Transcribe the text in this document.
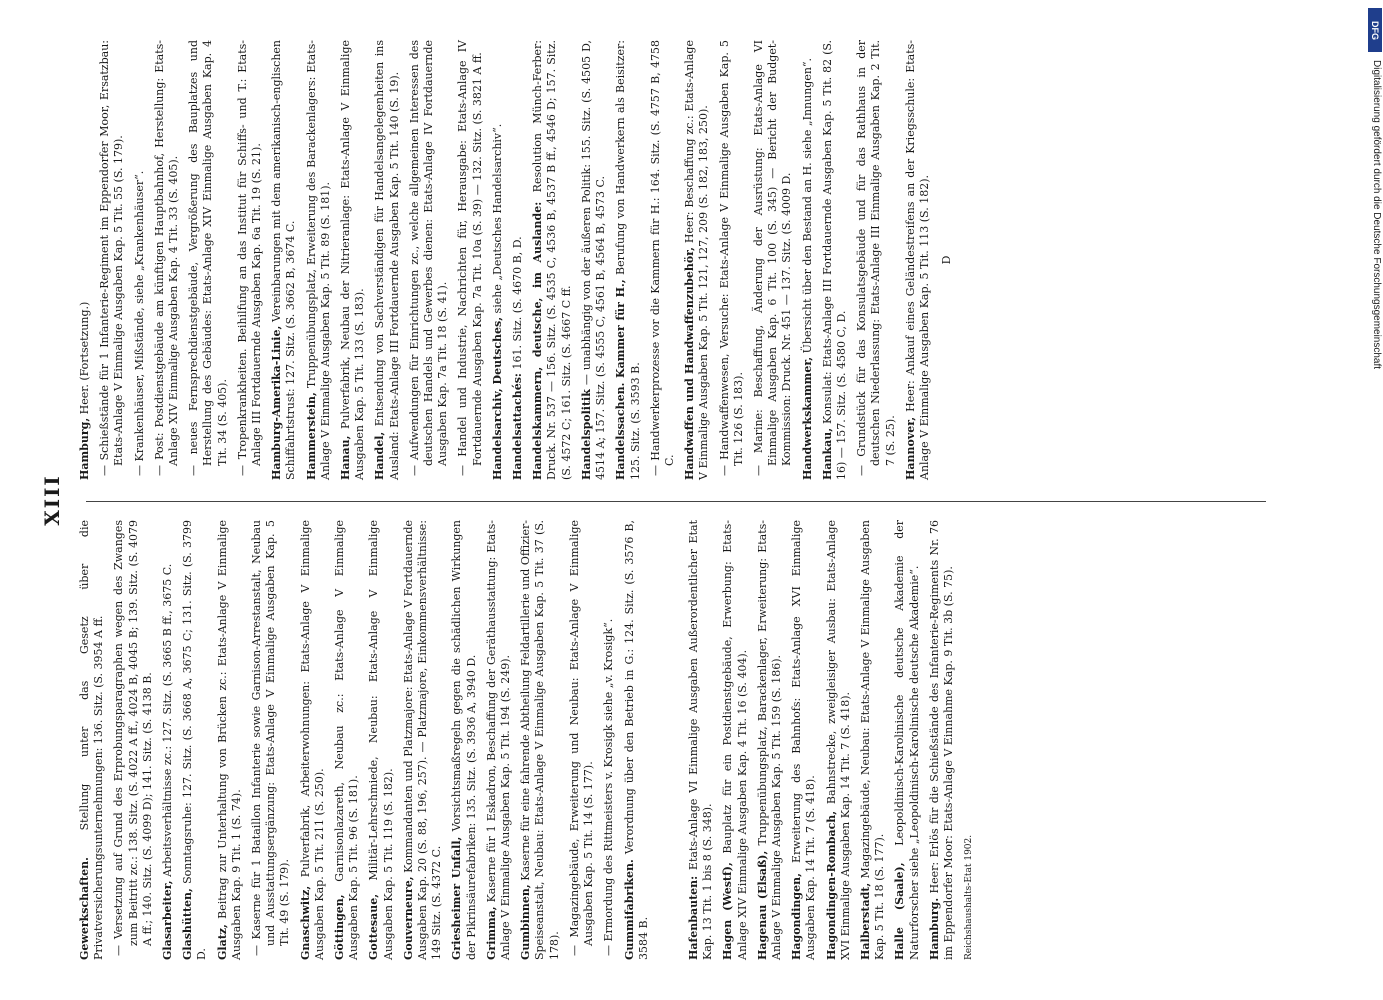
XIII
Gewerkschaften. Stellung unter das Gesetz über die Privatversicherungsunternehmungen: 136. Sitz. (S. 3954 A ff. — Versetzung auf Grund des Erprobungsparagraphen wegen des Zwanges zum Beitritt zc.: 138. Sitz. (S. 4022 A ff., 4024 B, 4045 B; 139. Sitz. (S. 4079 A ff.; 140. Sitz. (S. 4099 D); 141. Sitz. (S. 4138 B. Glasarbeiter, Arbeitsverhältnisse zc.: 127. Sitz. (S. 3665 B ff., 3675 C.
Glashütten, Sonntagsruhe: 127. Sitz. (S. 3668 A, 3675 C; 131. Sitz. (S. 3799 D. Glatz, Beitrag zur Unterhaltung von Brücken zc.: Etats-Anlage V Einmalige Ausgaben Kap. 9 Tit. 1 (S. 74). — Kaserne für 1 Bataillon Infanterie sowie Garnison-Arrestanstalt, Neubau und Ausstattungsergänzung: Etats-Anlage V Einmalige Ausgaben Kap. 5 Tit. 49 (S. 179). Gnaschwitz, Pulverfabrik, Arbeiterwohnungen: Etats-Anlage V Einmalige Ausgaben Kap. 5 Tit. 211 (S. 250). Göttingen, Garnisonlazareth, Neubau zc.: Etats-Anlage V Einmalige Ausgaben Kap. 5 Tit. 96 (S. 181). Gottesaue, Militär-Lehrschmiede, Neubau: Etats-Anlage V Einmalige Ausgaben Kap. 5 Tit. 119 (S. 182). Gouverneure, Kommandanten und Platzmajore: Etats-Anlage V Fortdauernde Ausgaben Kap. 20 (S. 88, 196, 257). — Platzmajore, Einkommensverhältnisse: 149 Sitz. (S. 4372 C. Griesheimer Unfall, Vorsichtsmaßregeln gegen die schädlichen Wirkungen der Pikrinsäurefabriken: 135. Sitz. (S. 3936 A, 3940 D. Grimma, Kaserne für 1 Eskadron, Beschaffung der Geräthausstattung: Etats-Anlage V Einmalige Ausgaben Kap. 5 Tit. 194 (S. 249). Gumbinnen, Kaserne für eine fahrende Abtheilung Feldartillerie und Offizier-Speiseanstalt, Neubau: Etats-Anlage V Einmalige Ausgaben Kap. 5 Tit. 37 (S. 178).
— Magazingebäude, Erweiterung und Neubau: Etats-Anlage V Einmalige Ausgaben Kap. 5 Tit. 14 (S. 177). — Ermordung des Rittmeisters v. Krosigk siehe „v. Krosigk“. Gummifabriken. Verordnung über den Betrieb in G.: 124. Sitz. (S. 3576 B, 3584 B.	Hafenbauten: Etats-Anlage VI Einmalige Ausgaben Außerordentlicher Etat Kap. 13 Tit. 1 bis 8 (S. 348). Hagen (Westf), Bauplatz für ein Postdienstgebäude, Erwerbung: Etats-Anlage XIV Einmalige Ausgaben Kap. 4 Tit. 16 (S. 404). Hagenau (Elsaß), Truppenübungsplatz, Barackenlager, Erweiterung: Etats-Anlage V Einmalige Ausgaben Kap. 5 Tit. 159 (S. 186). Hagondingen, Erweiterung des Bahnhofs: Etats-Anlage XVI Einmalige Ausgaben Kap. 14 Tit. 7 (S. 418). Hagondingen-Rombach, Bahnstrecke, zweigleisiger Ausbau: Etats-Anlage XVI Einmalige Ausgaben Kap. 14 Tit. 7 (S. 418). Halberstadt, Magazingebäude, Neubau: Etats-Anlage V Einmalige Ausgaben Kap. 5 Tit. 18 (S. 177). Halle (Saale), Leopoldinisch-Karolinische deutsche Akademie der Naturforscher siehe „Leopoldinisch-Karolinische deutsche Akademie“. Hamburg. Heer: Erlös für die Schießstände des Infanterie-Regiments Nr. 76 im Eppendorfer Moor: Etats-Anlage V Einnahme Kap. 9 Tit. 3b (S. 75). Reichshaushalts-Etat 1902.
Hamburg, Heer. (Fortsetzung.) — Schießstände für 1 Infanterie-Regiment im Eppendorfer Moor, Ersatzbau: Etats-Anlage V Einmalige Ausgaben Kap. 5 Tit. 55 (S. 179). — Krankenhäuser, Mißstände, siehe „Krankenhäuser“. — Post: Postdienstgebäude am künftigen Hauptbahnhof, Herstellung: Etats-Anlage XIV Einmalige Ausgaben Kap. 4 Tit. 33 (S. 405). — neues Fernsprechdienstgebäude, Vergrößerung des Bauplatzes und Herstellung des Gebäudes: Etats-Anlage XIV Einmalige Ausgaben Kap. 4 Tit. 34 (S. 405). — Tropenkrankheiten. Beihilfung an das Institut für Schiffs- und T.: Etats-Anlage III Fortdauernde Ausgaben Kap. 6a Tit. 19 (S. 21). Hamburg-Amerika-Linie, Vereinbarungen mit dem amerikanisch-englischen Schiffahrtstrust: 127. Sitz. (S. 3662 B, 3674 C. Hammerstein, Truppenübungsplatz, Erweiterung des Barackenlagers: Etats-Anlage V Einmalige Ausgaben Kap. 5 Tit. 89 (S. 181). Hanau, Pulverfabrik, Neubau der Nitrieranlage: Etats-Anlage V Einmalige Ausgaben Kap. 5 Tit. 133 (S. 183). Handel, Entsendung von Sachverständigen für Handelsangelegenheiten ins Ausland: Etats-Anlage III Fortdauernde Ausgaben Kap. 5 Tit. 140 (S. 19). — Aufwendungen für Einrichtungen zc., welche allgemeinen Interessen des deutschen Handels und Gewerbes dienen: Etats-Anlage IV Fortdauernde Ausgaben Kap. 7a Tit. 18 (S. 41). — Handel und Industrie, Nachrichten für, Herausgabe: Etats-Anlage IV Fortdauernde Ausgaben Kap. 7a Tit. 10a (S. 39) — 132. Sitz. (S. 3821 A ff. Handelsarchiv, Deutsches, siehe „Deutsches Handelsarchiv“.
Handelsattachés: 161. Sitz. (S. 4670 B, D. Handelskammern, deutsche, im Auslande: Resolution Münch-Ferber: Druck. Nr. 537 — 156. Sitz. (S. 4535 C, 4536 B, 4537 B ff., 4546 D; 157. Sitz. (S. 4572 C; 161. Sitz. (S. 4667 C ff. Handelspolitik — unabhängig von der äußeren Politik: 155. Sitz. (S. 4505 D, 4514 A; 157. Sitz. (S. 4555 C, 4561 B, 4564 B, 4573 C. Handelssachen. Kammer für H., Berufung von Handwerkern als Beisitzer: 125. Sitz. (S. 3593 B. — Handwerkerprozesse vor die Kammern für H.: 164. Sitz. (S. 4757 B, 4758 C. Handwaffen und Handwaffenzubehör, Heer: Beschaffung zc.: Etats-Anlage V Einmalige Ausgaben Kap. 5 Tit. 121, 127, 209 (S. 182, 183, 250). — Handwaffenwesen, Versuche: Etats-Anlage V Einmalige Ausgaben Kap. 5 Tit. 126 (S. 183). — Marine: Beschaffung, Änderung der Ausrüstung: Etats-Anlage VI Einmalige Ausgaben Kap. 6 Tit. 100 (S. 345) — Bericht der Budget-Kommission: Druck. Nr. 451 — 137. Sitz. (S. 4009 D. Handwerkskammer, Übersicht über den Bestand an H. siehe „Innungen“.
Hankau, Konsulat: Etats-Anlage III Fortdauernde Ausgaben Kap. 5 Tit. 82 (S. 16) — 157. Sitz. (S. 4580 C, D. — Grundstück für das Konsulatsgebäude und für das Rathhaus in der deutschen Niederlassung: Etats-Anlage III Einmalige Ausgaben Kap. 2 Tit. 7 (S. 25). Hannover, Heer: Ankauf eines Geländestreifens an der Kriegsschule: Etats-Anlage V Einmalige Ausgaben Kap. 5 Tit. 113 (S. 182). D
DFG
Digitalisierung gefördert durch die Deutsche Forschungsgemeinschaft
